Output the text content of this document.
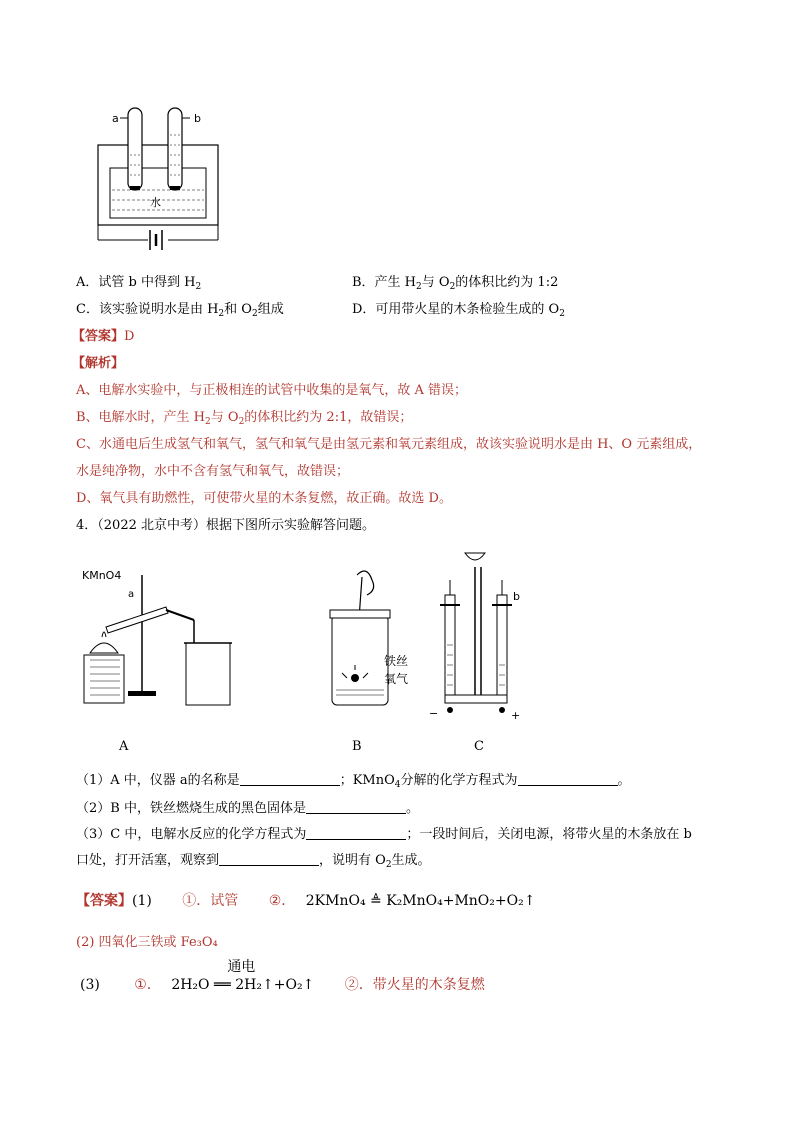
a	b
水
A．试管 b 中得到 $H_2$	B．产生 $H_2$与 $O_2$的体积比约为 1:2
C．该实验说明水是由 $H_2$和 $O_2$组成	D．可用带火星的木条检验生成的 $O_2$
【答案】D
【解析】
A、电解水实验中，与正极相连的试管中收集的是氧气，故 A 错误；
B、电解水时，产生 $H_2$与 $O_2$的体积比约为 2:1，故错误；
C、水通电后生成氢气和氧气，氢气和氧气是由氢元素和氧元素组成，故该实验说明水是由 H、O 元素组成，
水是纯净物，水中不含有氢气和氧气，故错误；
D、氧气具有助燃性，可使带火星的木条复燃，故正确。故选 D。
4．（2022 北京中考）根据下图所示实验解答问题。
KMnO4
a
铁丝
氧气
b
−	+
A	B	C
（1）A 中，仪器 a的名称是	；KMnO$_4$分解的化学方程式为	。
（2）B 中，铁丝燃烧生成的黑色固体是	。
（3）C 中，电解水反应的化学方程式为	；一段时间后，关闭电源，将带火星的木条放在 b
口处，打开活塞，观察到	，说明有 $O_2$生成。
【答案】(1) ①．试管 ②． 2KMnO₄ ≜ K₂MnO₄+MnO₂+O₂↑
(2) 四氧化三铁或 Fe₃O₄
(3) ①．
通电
2H₂O ══ 2H₂↑+O₂↑ ②．带火星的木条复燃
